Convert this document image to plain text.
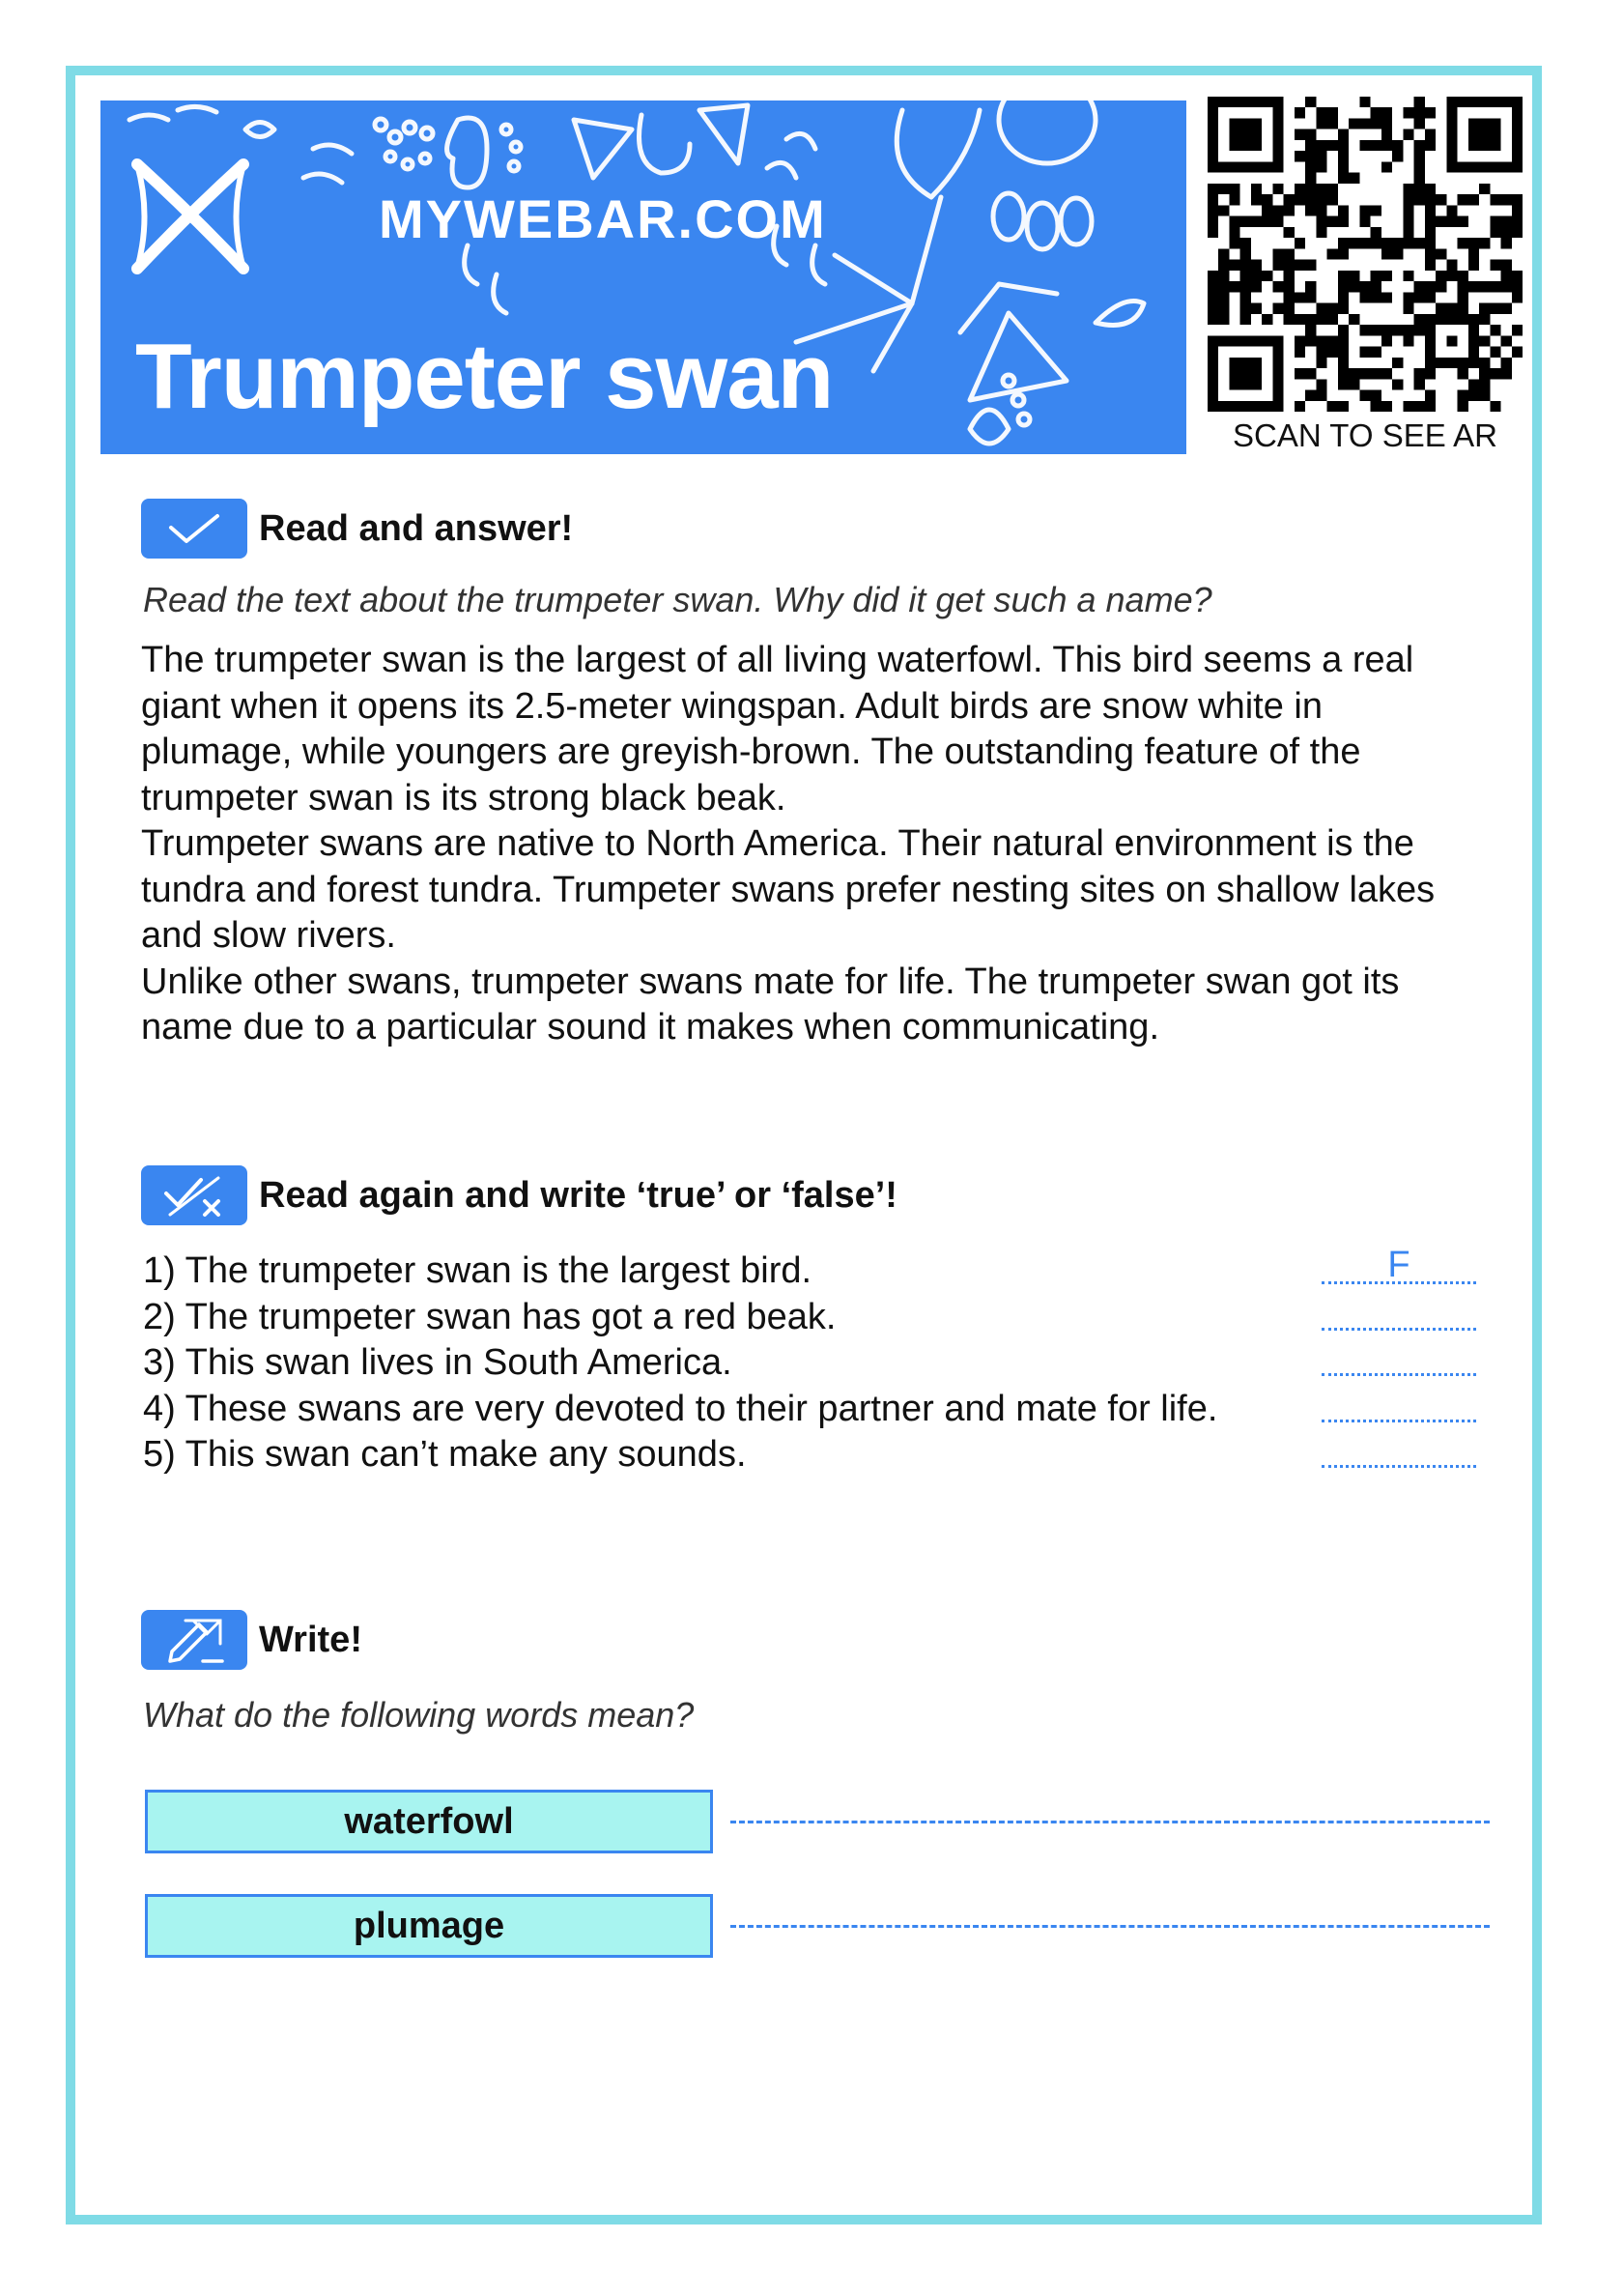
MYWEBAR.COM
Trumpeter swan
SCAN TO SEE AR
Read and answer!
Read the text about the trumpeter swan. Why did it get such a name?

The trumpeter swan is the largest of all living waterfowl. This bird seems a real giant when it opens its 2.5-meter wingspan. Adult birds are snow white in plumage, while youngers are greyish-brown. The outstanding feature of the trumpeter swan is its strong black beak.

Trumpeter swans are native to North America. Their natural environment is the tundra and forest tundra. Trumpeter swans prefer nesting sites on shallow lakes and slow rivers.

Unlike other swans, trumpeter swans mate for life. The trumpeter swan got its name due to a particular sound it makes when communicating.

Read again and write ‘true’ or ‘false’!
1) The trumpeter swan is the largest bird.	F
2) The trumpeter swan has got a red beak.
3) This swan lives in South America.
4) These swans are very devoted to their partner and mate for life.
5) This swan can’t make any sounds.
Write!
What do the following words mean?
waterfowl
plumage
